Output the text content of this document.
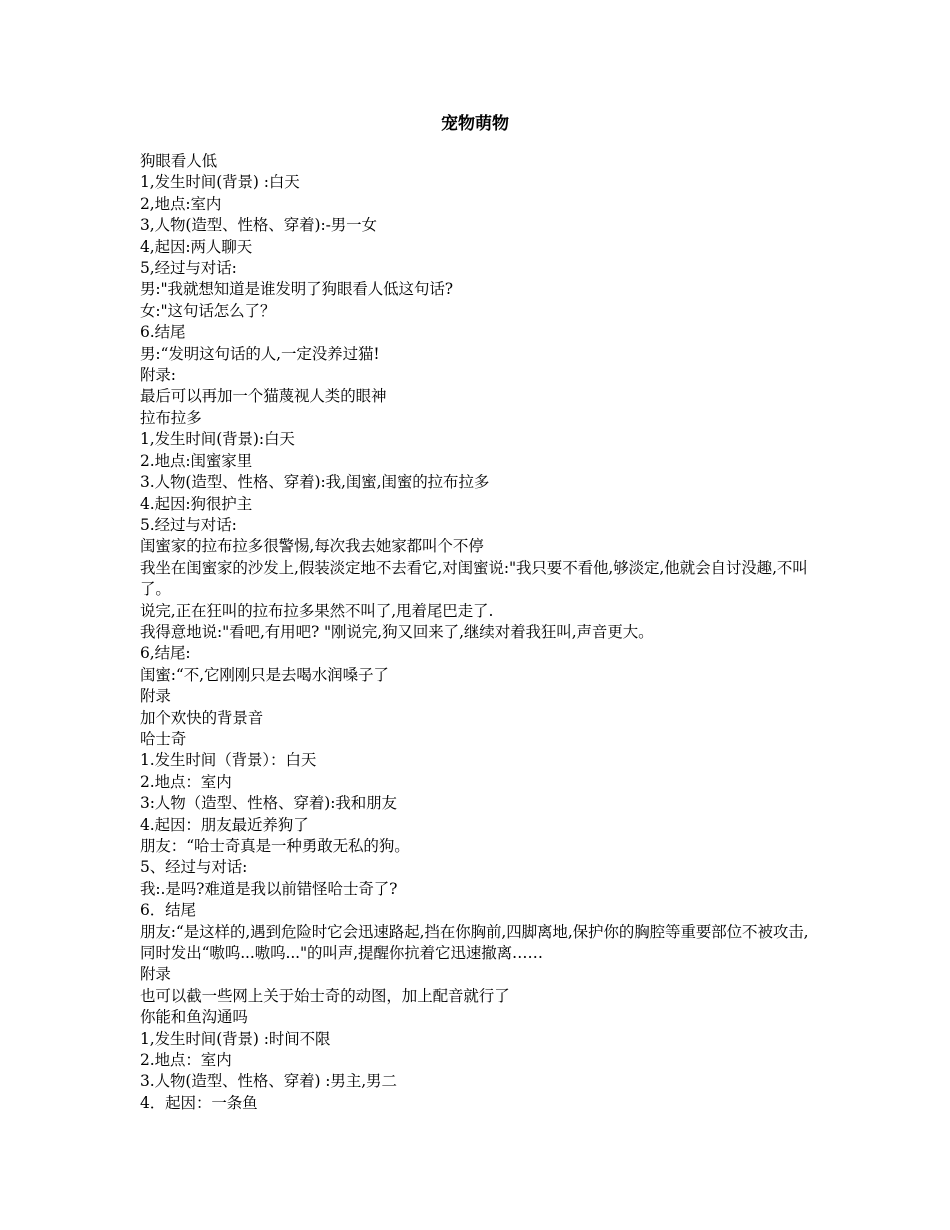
宠物萌物

狗眼看人低

1,发生时间(背景) :白天

2,地点:室内

3,人物(造型、性格、穿着):-男一女

4,起因:两人聊天

5,经过与对话:

男:"我就想知道是谁发明了狗眼看人低这句话?

女:"这句话怎么了？

6.结尾

男:“发明这句话的人,一定没养过猫!

附录:

最后可以再加一个猫蔑视人类的眼神

拉布拉多

1,发生时间(背景):白天

2.地点:闺蜜家里

3.人物(造型、性格、穿着):我,闺蜜,闺蜜的拉布拉多

4.起因:狗很护主

5.经过与对话:

闺蜜家的拉布拉多很警惕,每次我去她家都叫个不停

我坐在闺蜜家的沙发上,假装淡定地不去看它,对闺蜜说:"我只要不看他,够淡定,他就会自讨没趣,不叫了。

说完,正在狂叫的拉布拉多果然不叫了,甩着尾巴走了.

我得意地说:"看吧,有用吧? "刚说完,狗又回来了,继续对着我狂叫,声音更大。

6,结尾:

闺蜜:“不,它刚刚只是去喝水润嗓子了

附录

加个欢快的背景音

哈士奇

1.发生时间（背景）：白天

2.地点：室内

3:人物（造型、性格、穿着):我和朋友

4.起因：朋友最近养狗了

朋友：“哈士奇真是一种勇敢无私的狗。

5、经过与对话:

我:.是吗?难道是我以前错怪哈士奇了?

6．结尾

朋友:“是这样的,遇到危险时它会迅速路起,挡在你胸前,四脚离地,保护你的胸腔等重要部位不被攻击,同时发出“嗷呜...嗷呜..."的叫声,提醒你抗着它迅速撤离……

附录

也可以截一些网上关于始士奇的动图，加上配音就行了

你能和鱼沟通吗

1,发生时间(背景) :时间不限

2.地点：室内

3.人物(造型、性格、穿着) :男主,男二

4．起因：一条鱼
